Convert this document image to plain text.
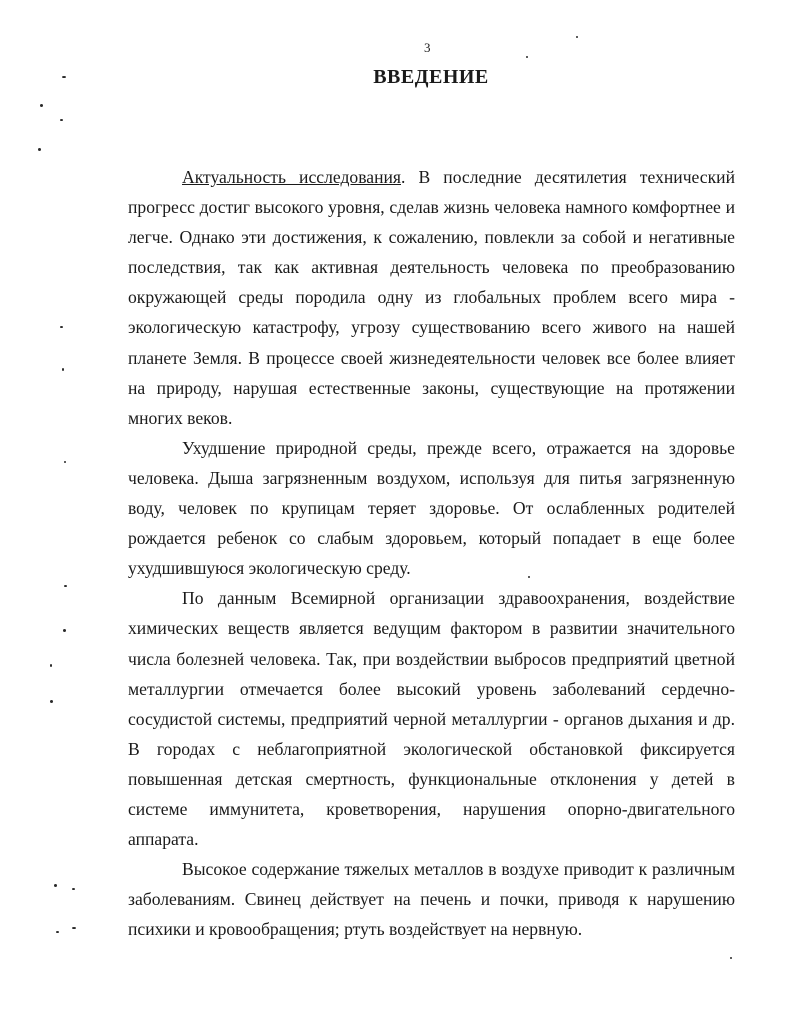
3
ВВЕДЕНИЕ

Актуальность исследования. В последние десятилетия технический прогресс достиг высокого уровня, сделав жизнь человека намного комфортнее и легче. Однако эти достижения, к сожалению, повлекли за собой и негативные последствия, так как активная деятельность человека по преобразованию окружающей среды породила одну из глобальных проблем всего мира - экологическую катастрофу, угрозу существованию всего живого на нашей планете Земля. В процессе своей жизнедеятельности человек все более влияет на природу, нарушая естественные законы, существующие на протяжении многих веков.

Ухудшение природной среды, прежде всего, отражается на здоровье человека. Дыша загрязненным воздухом, используя для питья загрязненную воду, человек по крупицам теряет здоровье. От ослабленных родителей рождается ребенок со слабым здоровьем, который попадает в еще более ухудшившуюся экологическую среду.

По данным Всемирной организации здравоохранения, воздействие химических веществ является ведущим фактором в развитии значительного числа болезней человека. Так, при воздействии выбросов предприятий цветной металлургии отмечается более высокий уровень заболеваний сердечно-сосудистой системы, предприятий черной металлургии - органов дыхания и др. В городах с неблагоприятной экологической обстановкой фиксируется повышенная детская смертность, функциональные отклонения у детей в системе иммунитета, кроветворения, нарушения опорно-двигательного аппарата.

Высокое содержание тяжелых металлов в воздухе приводит к различным заболеваниям. Свинец действует на печень и почки, приводя к нарушению психики и кровообращения; ртуть воздействует на нервную.
